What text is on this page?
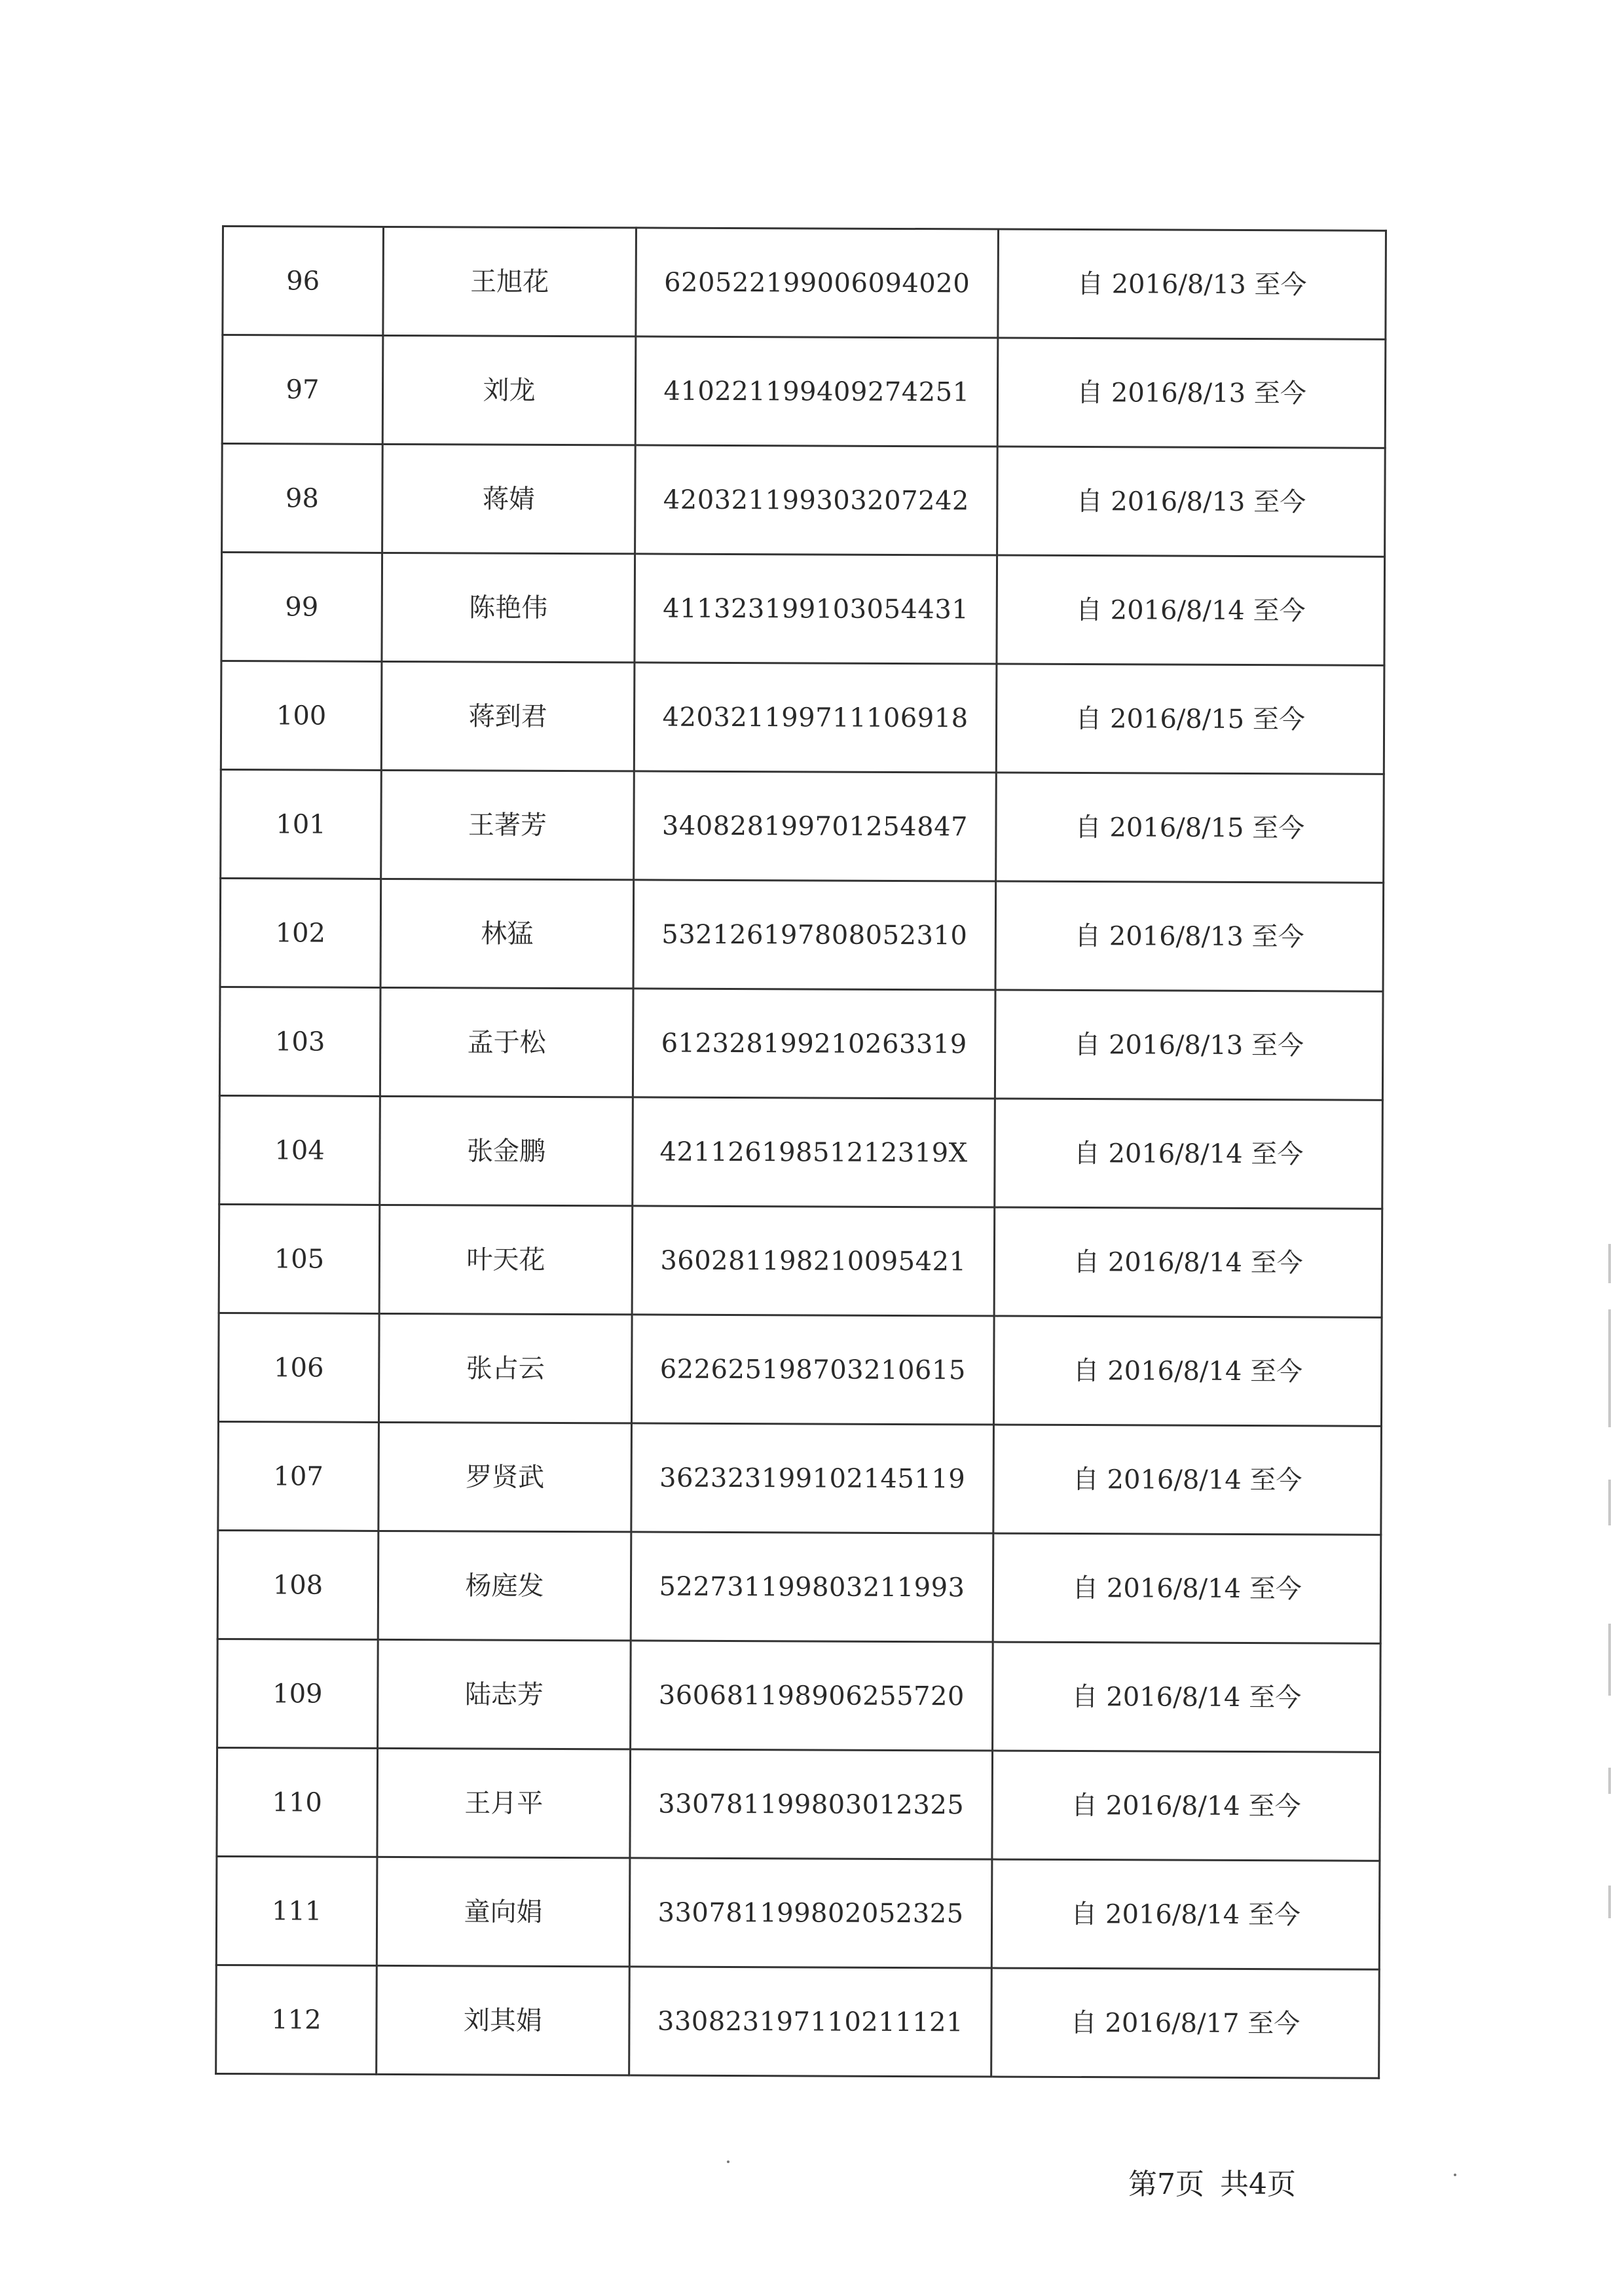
96	王旭花	620522199006094020	自 2016/8/13 至今
97	刘龙	410221199409274251	自 2016/8/13 至今
98	蒋婧	420321199303207242	自 2016/8/13 至今
99	陈艳伟	411323199103054431	自 2016/8/14 至今
100	蒋到君	420321199711106918	自 2016/8/15 至今
101	王著芳	340828199701254847	自 2016/8/15 至今
102	林猛	532126197808052310	自 2016/8/13 至今
103	孟于松	612328199210263319	自 2016/8/13 至今
104	张金鹏	42112619851212319X	自 2016/8/14 至今
105	叶天花	360281198210095421	自 2016/8/14 至今
106	张占云	622625198703210615	自 2016/8/14 至今
107	罗贤武	362323199102145119	自 2016/8/14 至今
108	杨庭发	522731199803211993	自 2016/8/14 至今
109	陆志芳	360681198906255720	自 2016/8/14 至今
110	王月平	330781199803012325	自 2016/8/14 至今
111	童向娟	330781199802052325	自 2016/8/14 至今
112	刘其娟	330823197110211121	自 2016/8/17 至今
第7页 共4页
